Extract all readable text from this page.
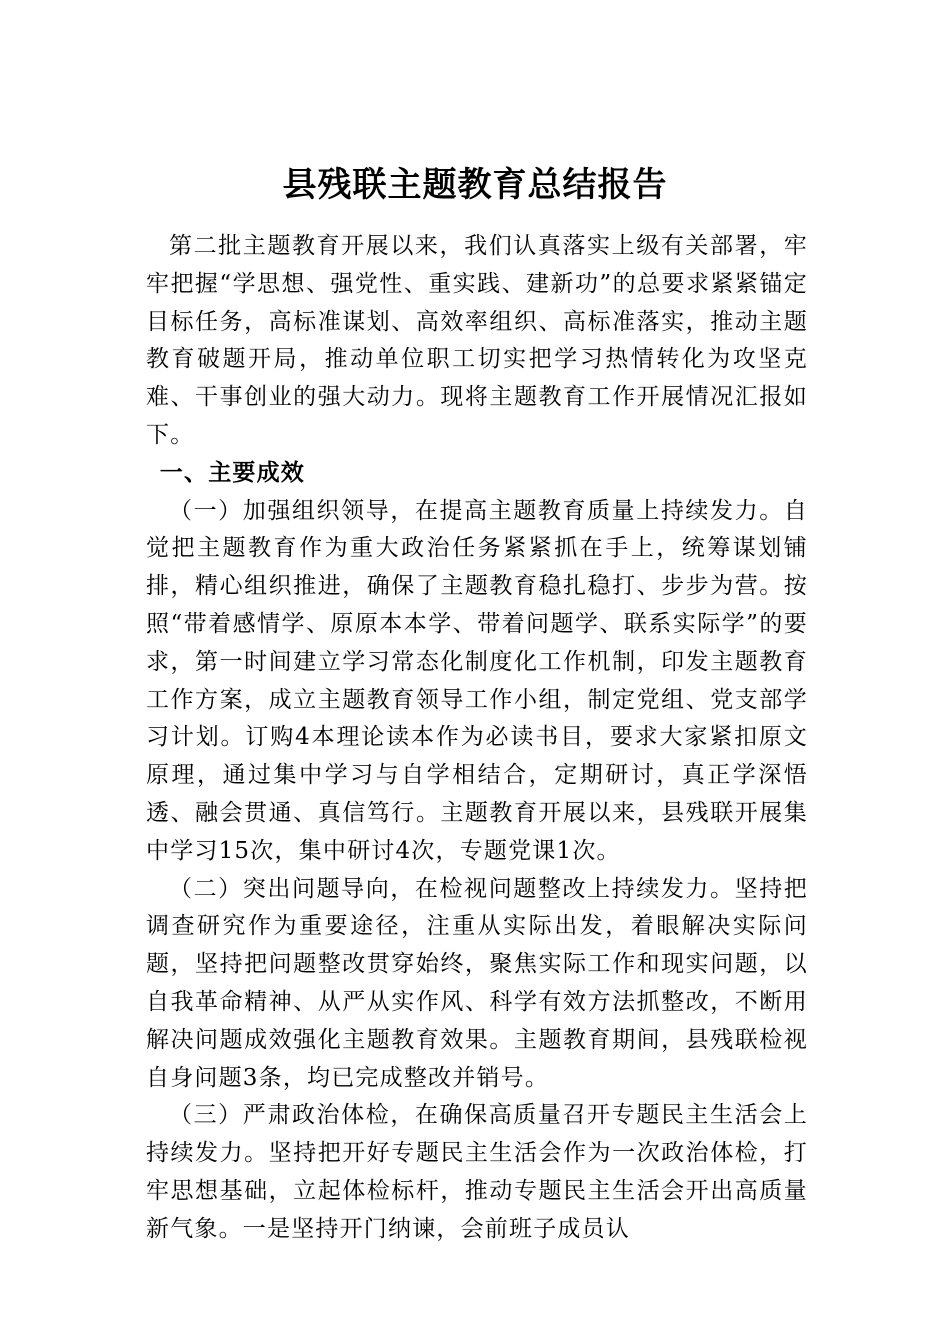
县残联主题教育总结报告

第二批主题教育开展以来，我们认真落实上级有关部署，牢牢把握“学思想、强党性、重实践、建新功”的总要求紧紧锚定目标任务，高标准谋划、高效率组织、高标准落实，推动主题教育破题开局，推动单位职工切实把学习热情转化为攻坚克难、干事创业的强大动力。现将主题教育工作开展情况汇报如下。

一、主要成效

（一）加强组织领导，在提高主题教育质量上持续发力。自觉把主题教育作为重大政治任务紧紧抓在手上，统筹谋划铺排，精心组织推进，确保了主题教育稳扎稳打、步步为营。按照“带着感情学、原原本本学、带着问题学、联系实际学”的要求，第一时间建立学习常态化制度化工作机制，印发主题教育工作方案，成立主题教育领导工作小组，制定党组、党支部学习计划。订购4本理论读本作为必读书目，要求大家紧扣原文原理，通过集中学习与自学相结合，定期研讨，真正学深悟透、融会贯通、真信笃行。主题教育开展以来，县残联开展集中学习15次，集中研讨4次，专题党课1次。

（二）突出问题导向，在检视问题整改上持续发力。坚持把调查研究作为重要途径，注重从实际出发，着眼解决实际问题，坚持把问题整改贯穿始终，聚焦实际工作和现实问题，以自我革命精神、从严从实作风、科学有效方法抓整改，不断用解决问题成效强化主题教育效果。主题教育期间，县残联检视自身问题3条，均已完成整改并销号。

（三）严肃政治体检，在确保高质量召开专题民主生活会上持续发力。坚持把开好专题民主生活会作为一次政治体检，打牢思想基础，立起体检标杆，推动专题民主生活会开出高质量新气象。一是坚持开门纳谏，会前班子成员认
